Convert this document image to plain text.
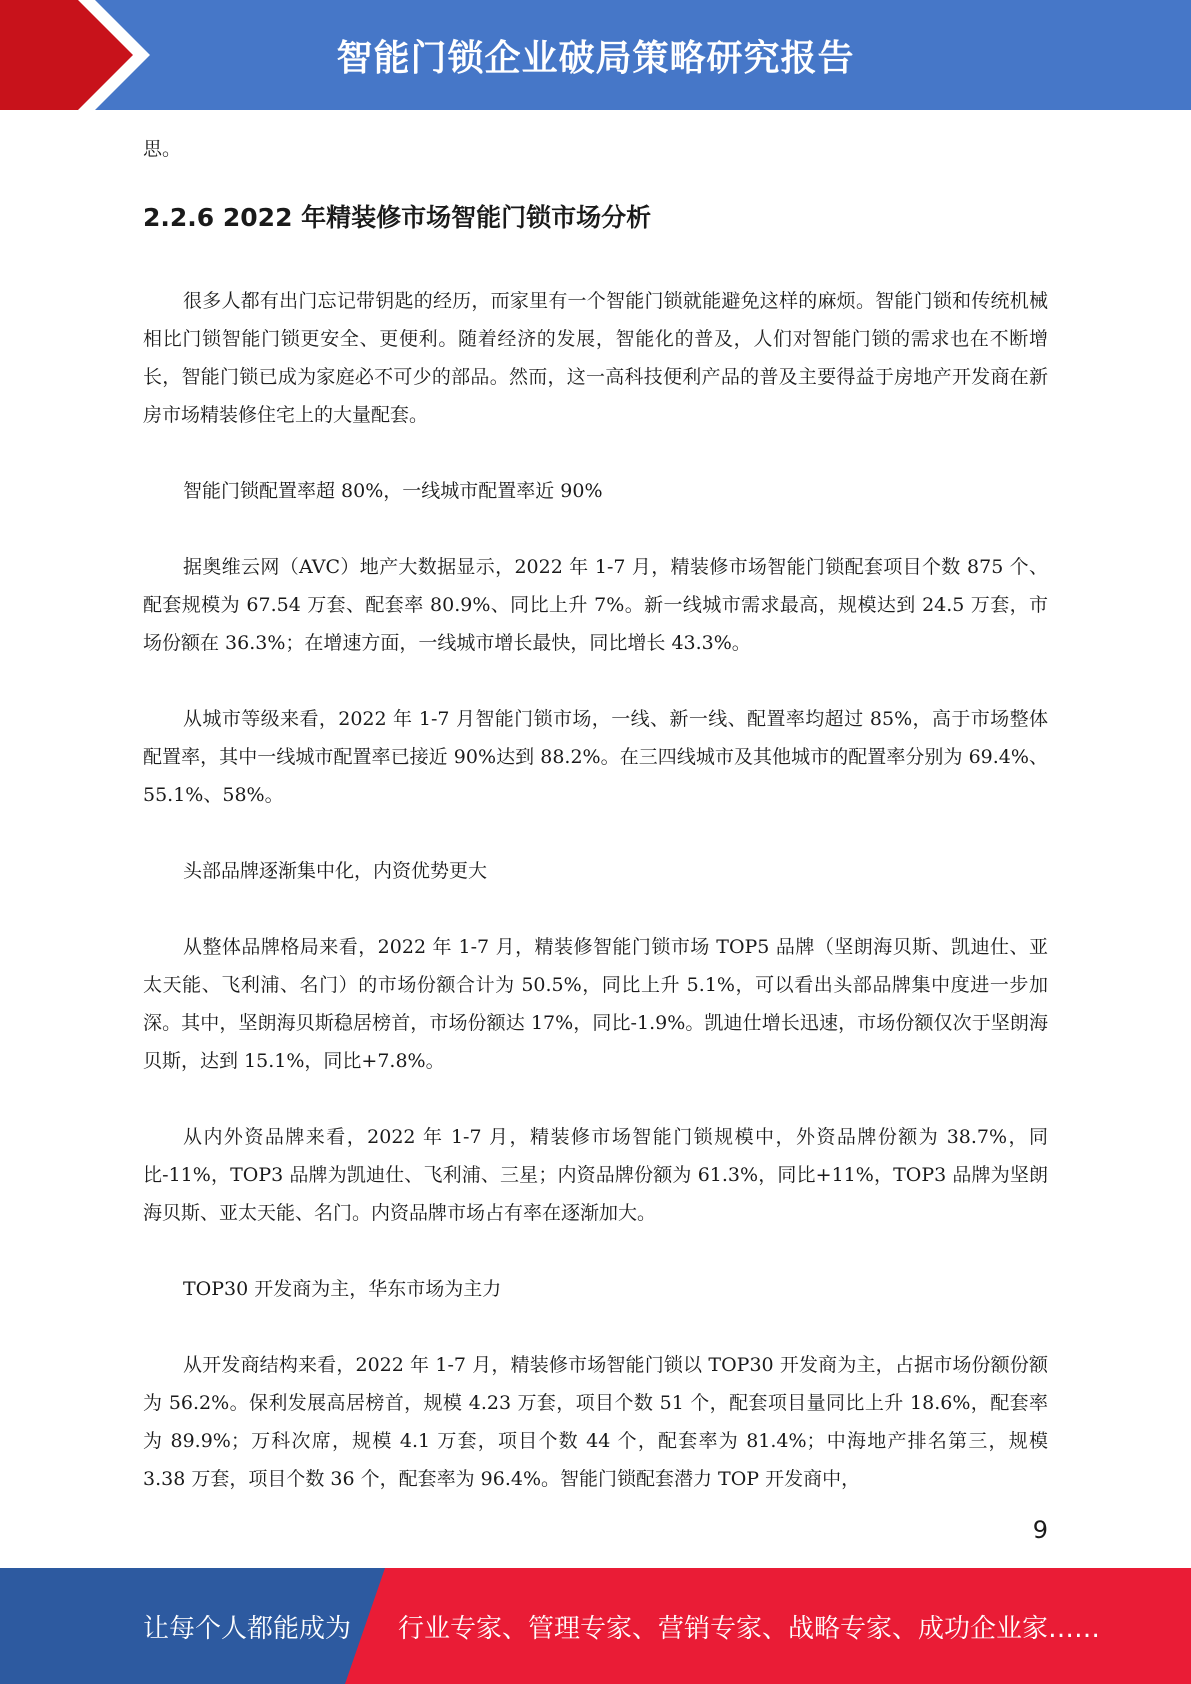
智能门锁企业破局策略研究报告

思。

2.2.6 2022 年精装修市场智能门锁市场分析

很多人都有出门忘记带钥匙的经历，而家里有一个智能门锁就能避免这样的麻烦。智能门锁和传统机械相比门锁智能门锁更安全、更便利。随着经济的发展，智能化的普及，人们对智能门锁的需求也在不断增长，智能门锁已成为家庭必不可少的部品。然而，这一高科技便利产品的普及主要得益于房地产开发商在新房市场精装修住宅上的大量配套。

智能门锁配置率超 80%，一线城市配置率近 90%

据奥维云网（AVC）地产大数据显示，2022 年 1-7 月，精装修市场智能门锁配套项目个数 875 个、配套规模为 67.54 万套、配套率 80.9%、同比上升 7%。新一线城市需求最高，规模达到 24.5 万套，市场份额在 36.3%；在增速方面，一线城市增长最快，同比增长 43.3%。

从城市等级来看，2022 年 1-7 月智能门锁市场，一线、新一线、配置率均超过 85%，高于市场整体配置率，其中一线城市配置率已接近 90%达到 88.2%。在三四线城市及其他城市的配置率分别为 69.4%、55.1%、58%。

头部品牌逐渐集中化，内资优势更大

从整体品牌格局来看，2022 年 1-7 月，精装修智能门锁市场 TOP5 品牌（坚朗海贝斯、凯迪仕、亚太天能、飞利浦、名门）的市场份额合计为 50.5%，同比上升 5.1%，可以看出头部品牌集中度进一步加深。其中，坚朗海贝斯稳居榜首，市场份额达 17%，同比-1.9%。凯迪仕增长迅速，市场份额仅次于坚朗海贝斯，达到 15.1%，同比+7.8%。

从内外资品牌来看，2022 年 1-7 月，精装修市场智能门锁规模中，外资品牌份额为 38.7%，同比-11%，TOP3 品牌为凯迪仕、飞利浦、三星；内资品牌份额为 61.3%，同比+11%，TOP3 品牌为坚朗海贝斯、亚太天能、名门。内资品牌市场占有率在逐渐加大。

TOP30 开发商为主，华东市场为主力

从开发商结构来看，2022 年 1-7 月，精装修市场智能门锁以 TOP30 开发商为主，占据市场份额份额为 56.2%。保利发展高居榜首，规模 4.23 万套，项目个数 51 个，配套项目量同比上升 18.6%，配套率为 89.9%；万科次席，规模 4.1 万套，项目个数 44 个，配套率为 81.4%；中海地产排名第三，规模 3.38 万套，项目个数 36 个，配套率为 96.4%。智能门锁配套潜力 TOP 开发商中，

9
让每个人都能成为 行业专家、管理专家、营销专家、战略专家、成功企业家……
